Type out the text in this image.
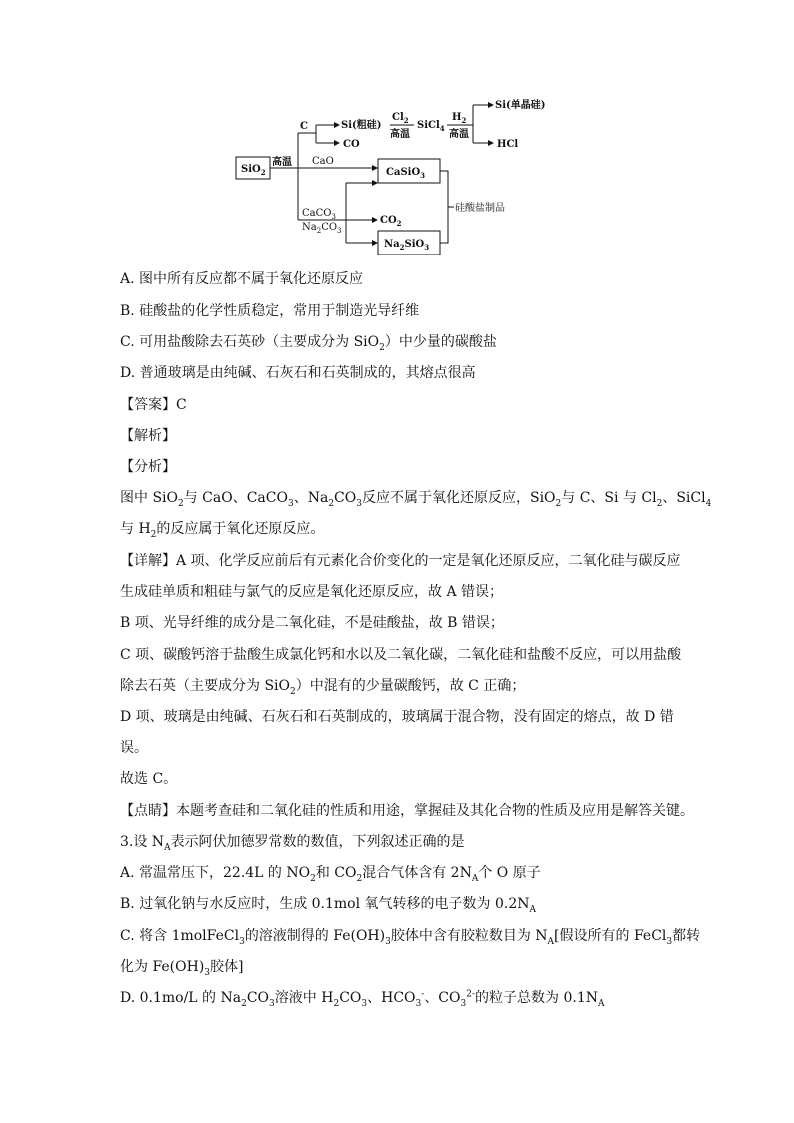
SiO$_2$
高温
C	Si(粗硅)
CO
$Cl_2$
高温
SiCl$_4$
$H_2$
高温
Si(单晶硅)
HCl
CaO
CaSiO$_3$
CaCO$_3$
$Na_2CO_3$
$CO_2$
$Na_2SiO_3$
硅酸盐制品
A. 图中所有反应都不属于氧化还原反应
B. 硅酸盐的化学性质稳定，常用于制造光导纤维
C. 可用盐酸除去石英砂（主要成分为 SiO$_2$）中少量的碳酸盐
D. 普通玻璃是由纯碱、石灰石和石英制成的，其熔点很高
【答案】C
【解析】
【分析】
图中 SiO$_2$与 CaO、CaCO$_3$、$Na_2CO_3$反应不属于氧化还原反应，SiO$_2$与 C、Si 与 $Cl_2$、SiCl$_4$
与 $H_2$的反应属于氧化还原反应。
【详解】A 项、化学反应前后有元素化合价变化的一定是氧化还原反应，二氧化硅与碳反应
生成硅单质和粗硅与氯气的反应是氧化还原反应，故 A 错误；
B 项、光导纤维的成分是二氧化硅，不是硅酸盐，故 B 错误；
C 项、碳酸钙溶于盐酸生成氯化钙和水以及二氧化碳，二氧化硅和盐酸不反应，可以用盐酸
除去石英（主要成分为 SiO$_2$）中混有的少量碳酸钙，故 C 正确；
D 项、玻璃是由纯碱、石灰石和石英制成的，玻璃属于混合物，没有固定的熔点，故 D 错
误。
故选 C。
【点睛】本题考查硅和二氧化硅的性质和用途，掌握硅及其化合物的性质及应用是解答关键。
3.设 $N_A$表示阿伏加德罗常数的数值，下列叙述正确的是
A. 常温常压下，22.4L 的 $NO_2$和 $CO_2$混合气体含有 $2N_A$个 O 原子
B. 过氧化钠与水反应时，生成 0.1mol 氧气转移的电子数为 $0.2N_A$
C. 将含 1molFeCl$_3$的溶液制得的 $Fe(OH)_3$胶体中含有胶粒数目为 $N_A$[假设所有的 FeCl$_3$都转
化为 $Fe(OH)_3$胶体]
D. 0.1mo/L 的 $Na_2CO_3$溶液中 $H_2CO_3$、$HCO_3^-$、$CO_3^{2-}$的粒子总数为 $0.1N_A$
